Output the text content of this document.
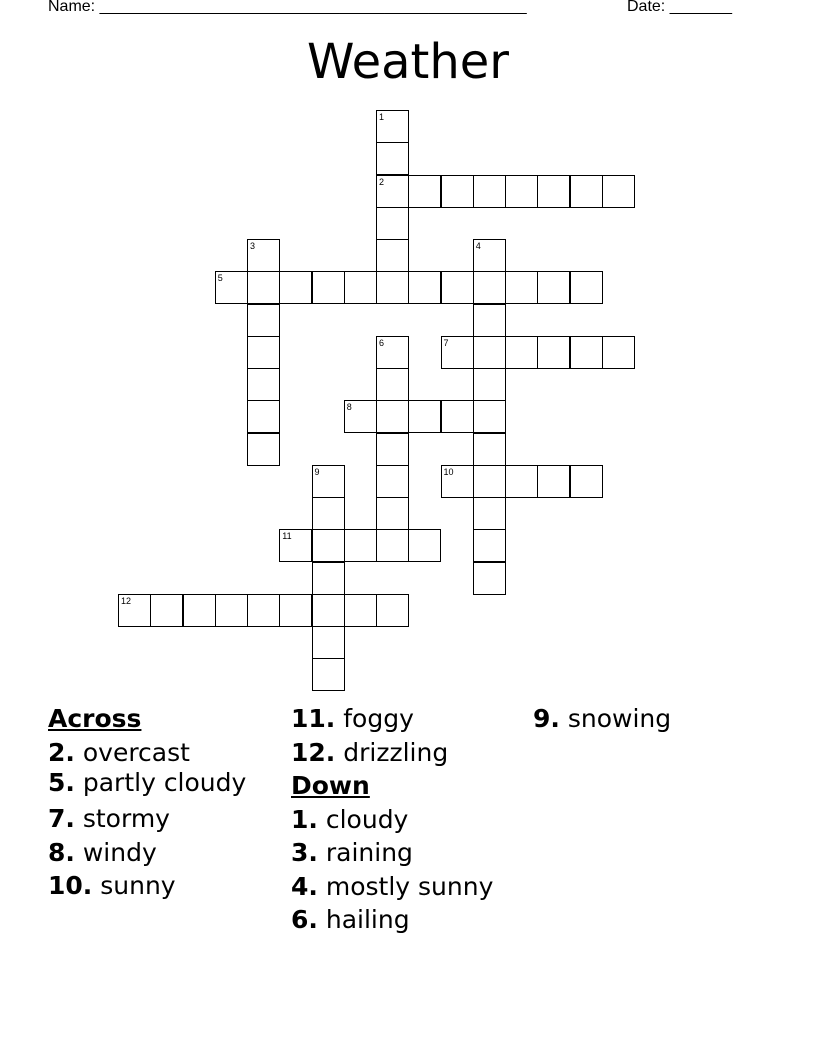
Name: ________________________________________________	Date: _______
Weather
2
5
7
8
10
11
12
1
3	4
6
9
Across
2. overcast
5. partly cloudy
7. stormy
8. windy
10. sunny
11. foggy
12. drizzling
Down
1. cloudy
3. raining
4. mostly sunny
6. hailing
9. snowing
